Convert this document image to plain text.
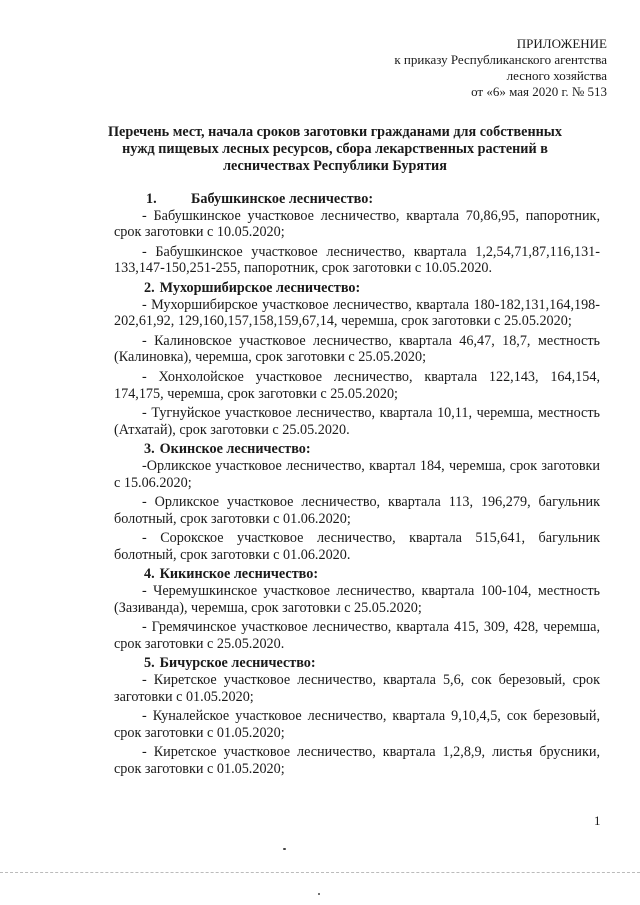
ПРИЛОЖЕНИЕ
к приказу Республиканского агентства
лесного хозяйства
от «6» мая 2020 г. № 513
Перечень мест, начала сроков заготовки гражданами для собственных
нужд пищевых лесных ресурсов, сбора лекарственных растений в
лесничествах Республики Бурятия
1. Бабушкинское лесничество:

- Бабушкинское участковое лесничество, квартала 70,86,95, папоротник, срок заготовки с 10.05.2020;

- Бабушкинское участковое лесничество, квартала 1,2,54,71,87,116,131-133,147-150,251-255, папоротник, срок заготовки с 10.05.2020.

2. Мухоршибирское лесничество:

- Мухоршибирское участковое лесничество, квартала 180-182,131,164,198-202,61,92, 129,160,157,158,159,67,14, черемша, срок заготовки с 25.05.2020;

- Калиновское участковое лесничество, квартала 46,47, 18,7, местность (Калиновка), черемша, срок заготовки с 25.05.2020;

- Хонхолойское участковое лесничество, квартала 122,143, 164,154, 174,175, черемша, срок заготовки с 25.05.2020;

- Тугнуйское участковое лесничество, квартала 10,11, черемша, местность (Атхатай), срок заготовки с 25.05.2020.

3. Окинское лесничество:

-Орликское участковое лесничество, квартал 184, черемша, срок заготовки с 15.06.2020;

- Орликское участковое лесничество, квартала 113, 196,279, багульник болотный, срок заготовки с 01.06.2020;

- Сорокское участковое лесничество, квартала 515,641, багульник болотный, срок заготовки с 01.06.2020.

4. Кикинское лесничество:

- Черемушкинское участковое лесничество, квартала 100-104, местность (Зазиванда), черемша, срок заготовки с 25.05.2020;

- Гремячинское участковое лесничество, квартала 415, 309, 428, черемша, срок заготовки с 25.05.2020.

5. Бичурское лесничество:

- Киретское участковое лесничество, квартала 5,6, сок березовый, срок заготовки с 01.05.2020;

- Куналейское участковое лесничество, квартала 9,10,4,5, сок березовый, срок заготовки с 01.05.2020;

- Киретское участковое лесничество, квартала 1,2,8,9, листья брусники, срок заготовки с 01.05.2020;

1
